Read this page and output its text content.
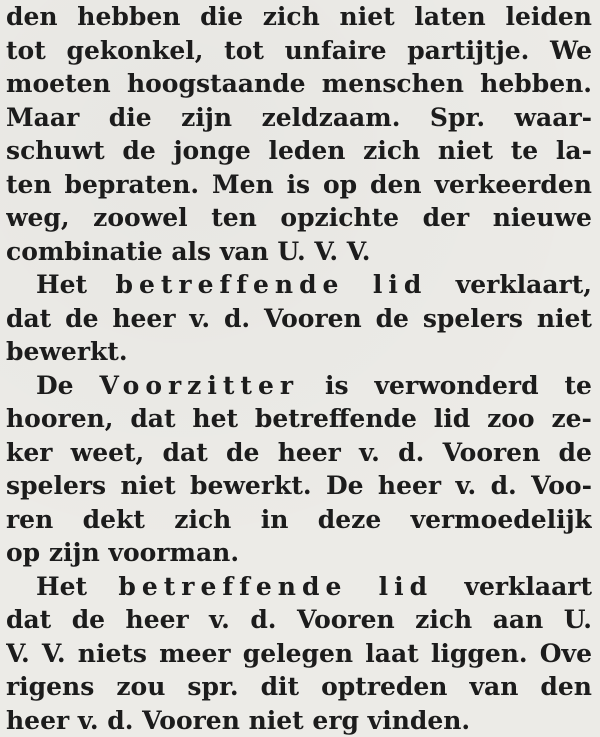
den hebben die zich niet laten leiden
tot gekonkel, tot unfaire partijtje. We
moeten hoogstaande menschen hebben.
Maar die zijn zeldzaam. Spr. waar-
schuwt de jonge leden zich niet te la-
ten bepraten. Men is op den verkeerden
weg, zoowel ten opzichte der nieuwe
combinatie als van U. V. V.
Het betreffende lid verklaart,
dat de heer v. d. Vooren de spelers niet
bewerkt.
De Voorzitter is verwonderd te
hooren, dat het betreffende lid zoo ze-
ker weet, dat de heer v. d. Vooren de
spelers niet bewerkt. De heer v. d. Voo-
ren dekt zich in deze vermoedelijk
op zijn voorman.
Het betreffende lid verklaart
dat de heer v. d. Vooren zich aan U.
V. V. niets meer gelegen laat liggen. Ove
rigens zou spr. dit optreden van den
heer v. d. Vooren niet erg vinden.
